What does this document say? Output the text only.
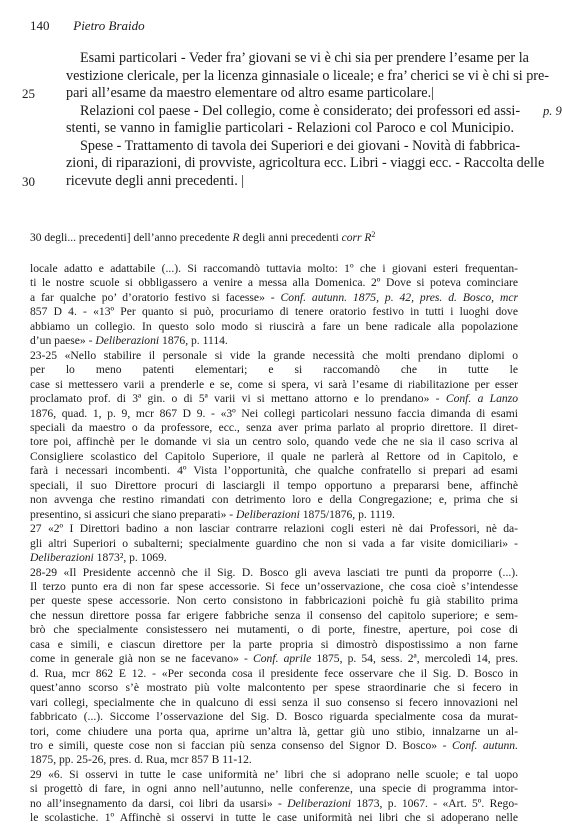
140 Pietro Braido
Esami particolari - Veder fra’ giovani se vi è chi sia per prendere l’esame per la
vestizione clericale, per la licenza ginnasiale o liceale; e fra’ cherici se vi è chi si pre-
25 pari all’esame da maestro elementare od altro esame particolare.|
Relazioni col paese - Del collegio, come è considerato; dei professori ed assi-	p. 9
stenti, se vanno in famiglie particolari - Relazioni col Paroco e col Municipio.
Spese - Trattamento di tavola dei Superiori e dei giovani - Novità di fabbrica-
zioni, di riparazioni, di provviste, agricoltura ecc. Libri - viaggi ecc. - Raccolta delle
30 ricevute degli anni precedenti. |
30 degli... precedenti] dell’anno precedente R degli anni precedenti corr $R^2$
locale adatto e adattabile (...). Si raccomandò tuttavia molto: 1º che i giovani esteri frequentan-
ti le nostre scuole si obbligassero a venire a messa alla Domenica. 2º Dove si poteva cominciare
a far qualche po’ d’oratorio festivo si facesse» - Conf. autunn. 1875, p. 42, pres. d. Bosco, mcr
857 D 4. - «13º Per quanto si può, procuriamo di tenere oratorio festivo in tutti i luoghi dove
abbiamo un collegio. In questo solo modo si riuscirà a fare un bene radicale alla popolazione
d’un paese» - Deliberazioni 1876, p. 1114.
23-25 «Nello stabilire il personale si vide la grande necessità che molti prendano diplomi o
per lo meno patenti elementari; e si raccomandò che in tutte le
case si mettessero varii a prenderle e se, come si spera, vi sarà l’esame di riabilitazione per esser
proclamato prof. di 3ª gin. o di 5ª varii vi si mettano attorno e lo prendano» - Conf. a Lanzo
1876, quad. 1, p. 9, mcr 867 D 9. - «3º Nei collegi particolari nessuno faccia dimanda di esami
speciali da maestro o da professore, ecc., senza aver prima parlato al proprio direttore. Il diret-
tore poi, affinchè per le domande vi sia un centro solo, quando vede che ne sia il caso scriva al
Consigliere scolastico del Capitolo Superiore, il quale ne parlerà al Rettore od in Capitolo, e
farà i necessari incombenti. 4º Vista l’opportunità, che qualche confratello si prepari ad esami
speciali, il suo Direttore procuri di lasciargli il tempo opportuno a prepararsi bene, affinchè
non avvenga che restino rimandati con detrimento loro e della Congregazione; e, prima che si
presentino, si assicuri che siano preparati» - Deliberazioni 1875/1876, p. 1119.
27 «2º I Direttori badino a non lasciar contrarre relazioni cogli esteri nè dai Professori, nè da-
gli altri Superiori o subalterni; specialmente guardino che non si vada a far visite domiciliari» -
Deliberazioni 1873², p. 1069.
28-29 «Il Presidente accennò che il Sig. D. Bosco gli aveva lasciati tre punti da proporre (...).
Il terzo punto era di non far spese accessorie. Si fece un’osservazione, che cosa cioè s’intendesse
per queste spese accessorie. Non certo consistono in fabbricazioni poichè fu già stabilito prima
che nessun direttore possa far erigere fabbriche senza il consenso del capitolo superiore; e sem-
brò che specialmente consistessero nei mutamenti, o di porte, finestre, aperture, poi cose di
casa e simili, e ciascun direttore per la parte propria si dimostrò dispostissimo a non farne
come in generale già non se ne facevano» - Conf. aprile 1875, p. 54, sess. 2ª, mercoledì 14, pres.
d. Rua, mcr 862 E 12. - «Per seconda cosa il presidente fece osservare che il Sig. D. Bosco in
quest’anno scorso s’è mostrato più volte malcontento per spese straordinarie che si fecero in
vari collegi, specialmente che in qualcuno di essi senza il suo consenso si fecero innovazioni nel
fabbricato (...). Siccome l’osservazione del Sig. D. Bosco riguarda specialmente cosa da murat-
tori, come chiudere una porta qua, aprirne un’altra là, gettar giù uno stibio, innalzarne un al-
tro e simili, queste cose non si faccian più senza consenso del Signor D. Bosco» - Conf. autunn.
1875, pp. 25-26, pres. d. Rua, mcr 857 B 11-12.
29 «6. Si osservi in tutte le case uniformità ne’ libri che si adoprano nelle scuole; e tal uopo
si progettò di fare, in ogni anno nell’autunno, nelle conferenze, una specie di programma intor-
no all’insegnamento da darsi, coi libri da usarsi» - Deliberazioni 1873, p. 1067. - «Art. 5º. Rego-
le scolastiche. 1º Affinchè si osservi in tutte le case uniformità nei libri che si adoperano nelle
